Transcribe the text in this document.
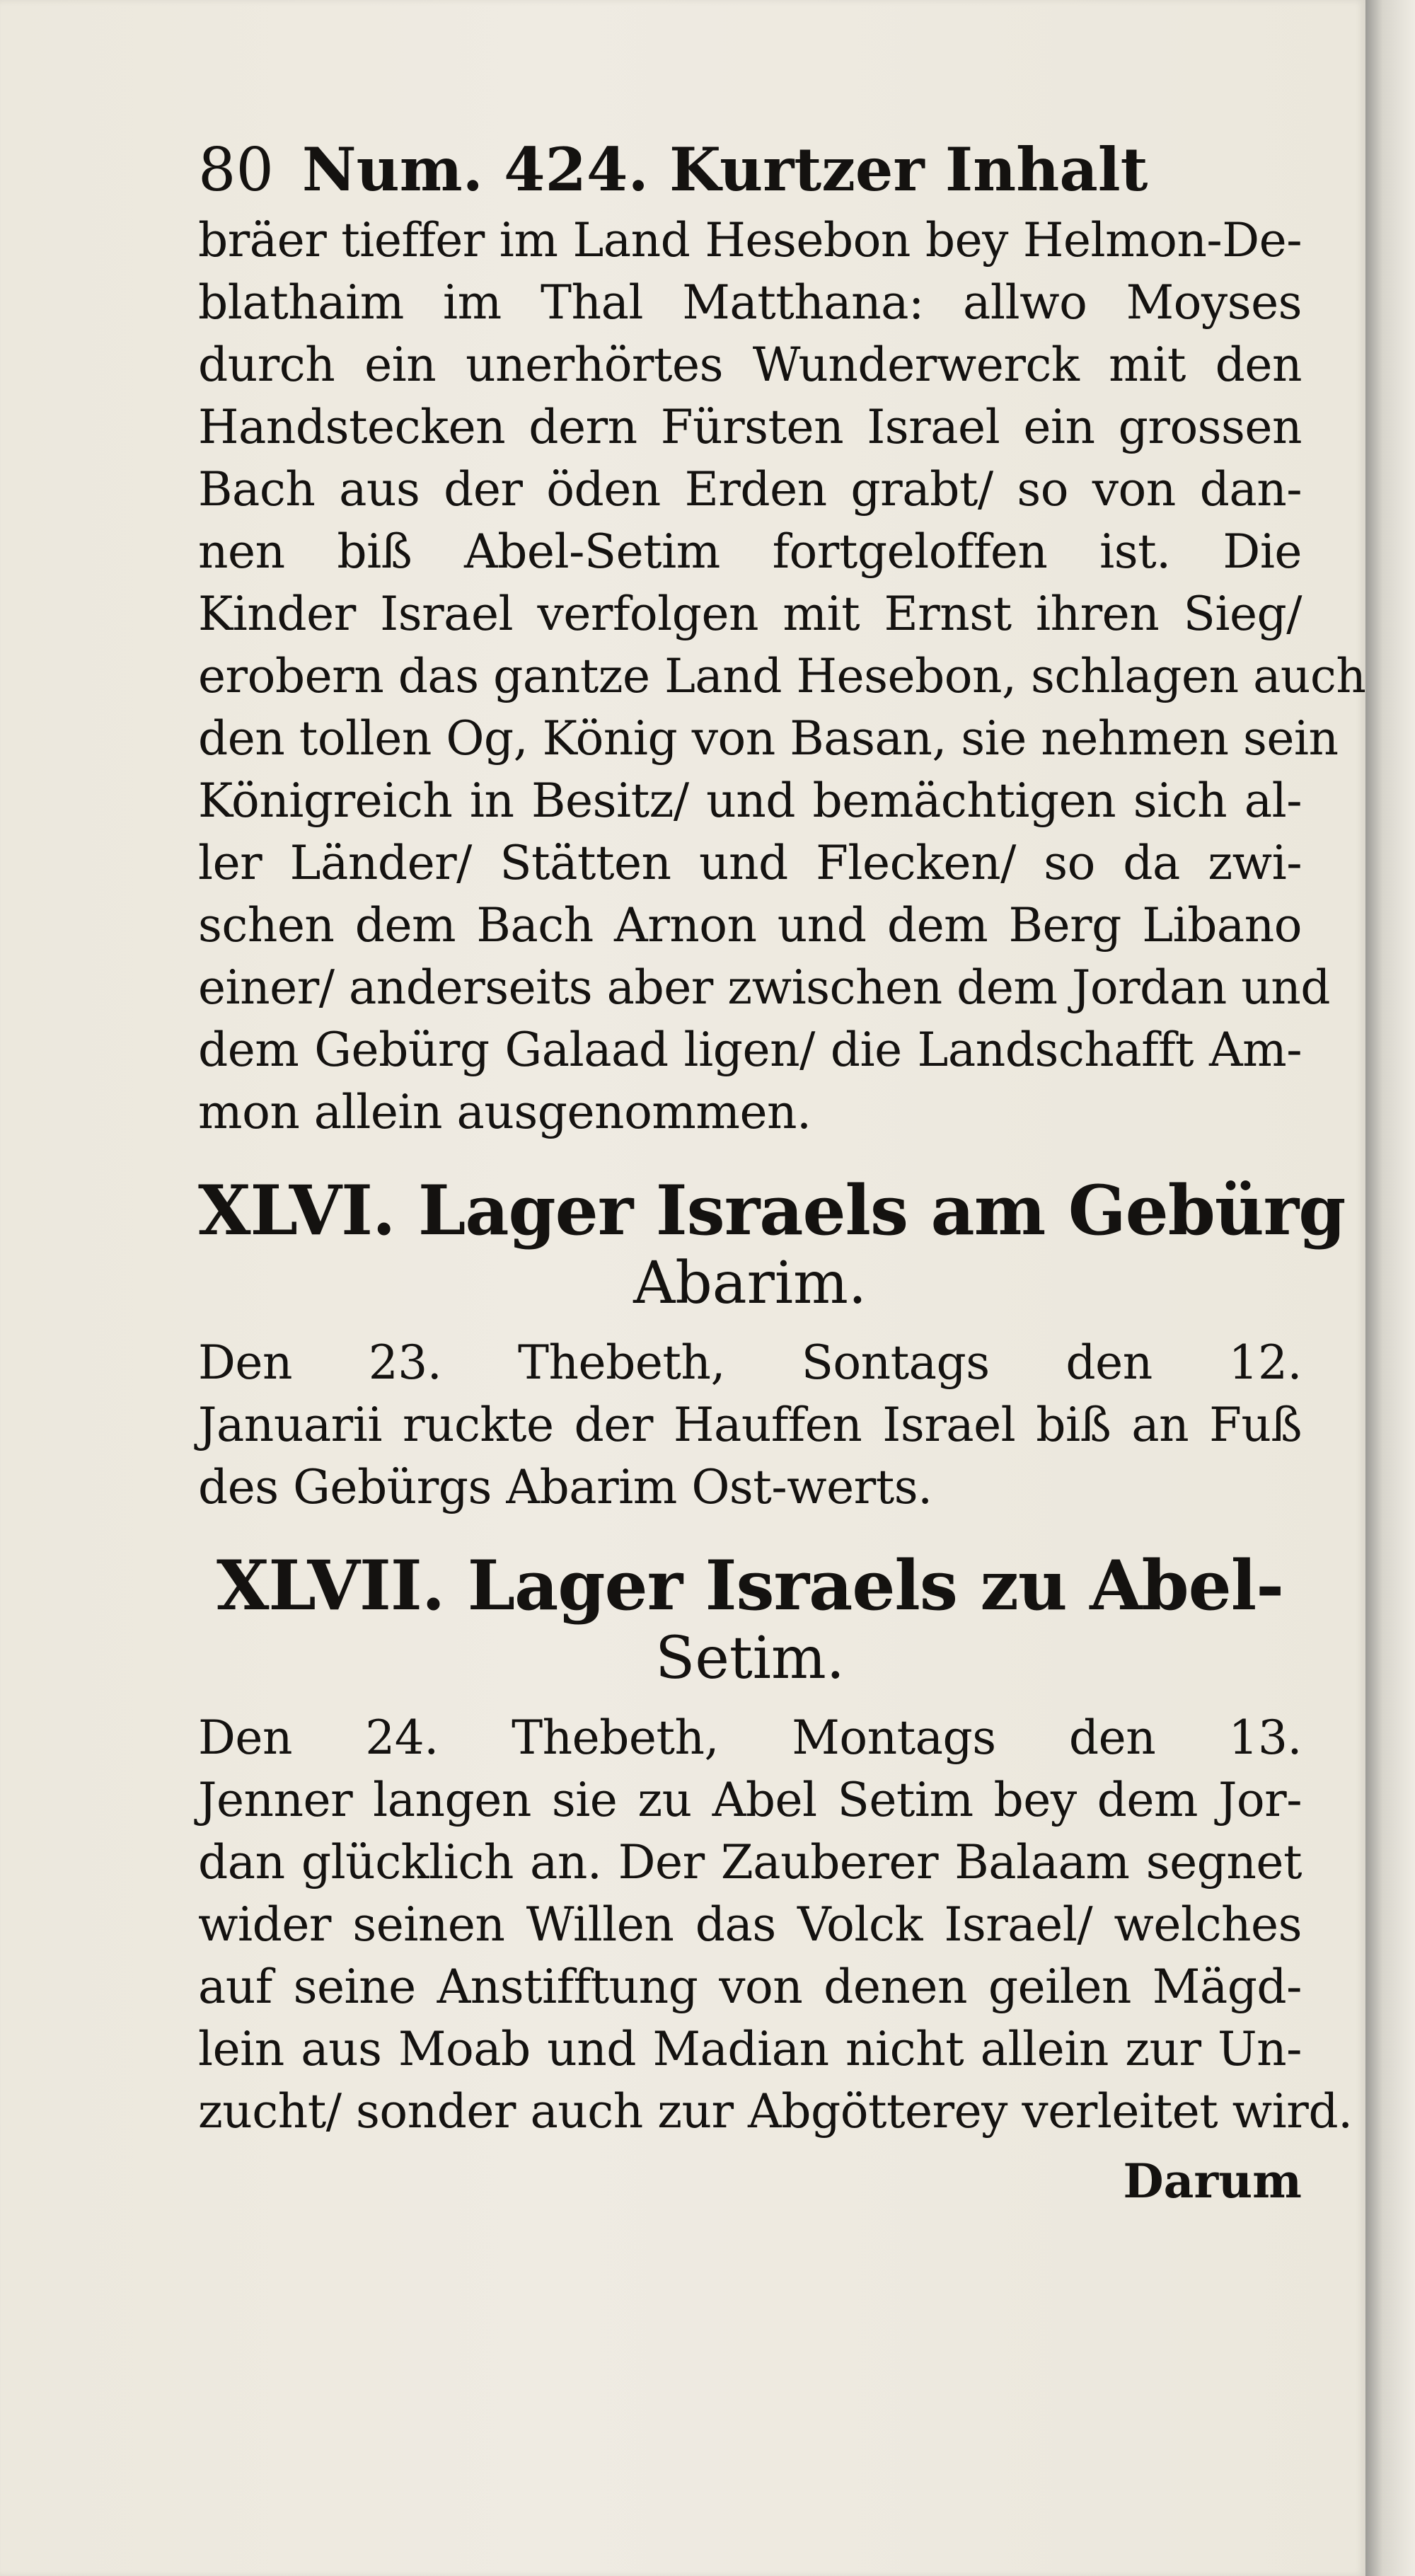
80 Num. 424. Kurtzer Inhalt
bräer tieffer im Land Hesebon bey Helmon-De-
blathaim im Thal Matthana: allwo Moyses
durch ein unerhörtes Wunderwerck mit den
Handstecken dern Fürsten Israel ein grossen
Bach aus der öden Erden grabt/ so von dan-
nen biß Abel-Setim fortgeloffen ist. Die
Kinder Israel verfolgen mit Ernst ihren Sieg/
erobern das gantze Land Hesebon, schlagen auch
den tollen Og, König von Basan, sie nehmen sein
Königreich in Besitz/ und bemächtigen sich al-
ler Länder/ Stätten und Flecken/ so da zwi-
schen dem Bach Arnon und dem Berg Libano
einer/ anderseits aber zwischen dem Jordan und
dem Gebürg Galaad ligen/ die Landschafft Am-
mon allein ausgenommen.
XLVI. Lager Israels am Gebürg
Abarim.
Den 23. Thebeth, Sontags den 12.
Januarii ruckte der Hauffen Israel biß an Fuß
des Gebürgs Abarim Ost-werts.
XLVII. Lager Israels zu Abel-
Setim.
Den 24. Thebeth, Montags den 13.
Jenner langen sie zu Abel Setim bey dem Jor-
dan glücklich an. Der Zauberer Balaam segnet
wider seinen Willen das Volck Israel/ welches
auf seine Anstifftung von denen geilen Mägd-
lein aus Moab und Madian nicht allein zur Un-
zucht/ sonder auch zur Abgötterey verleitet wird.
Darum
